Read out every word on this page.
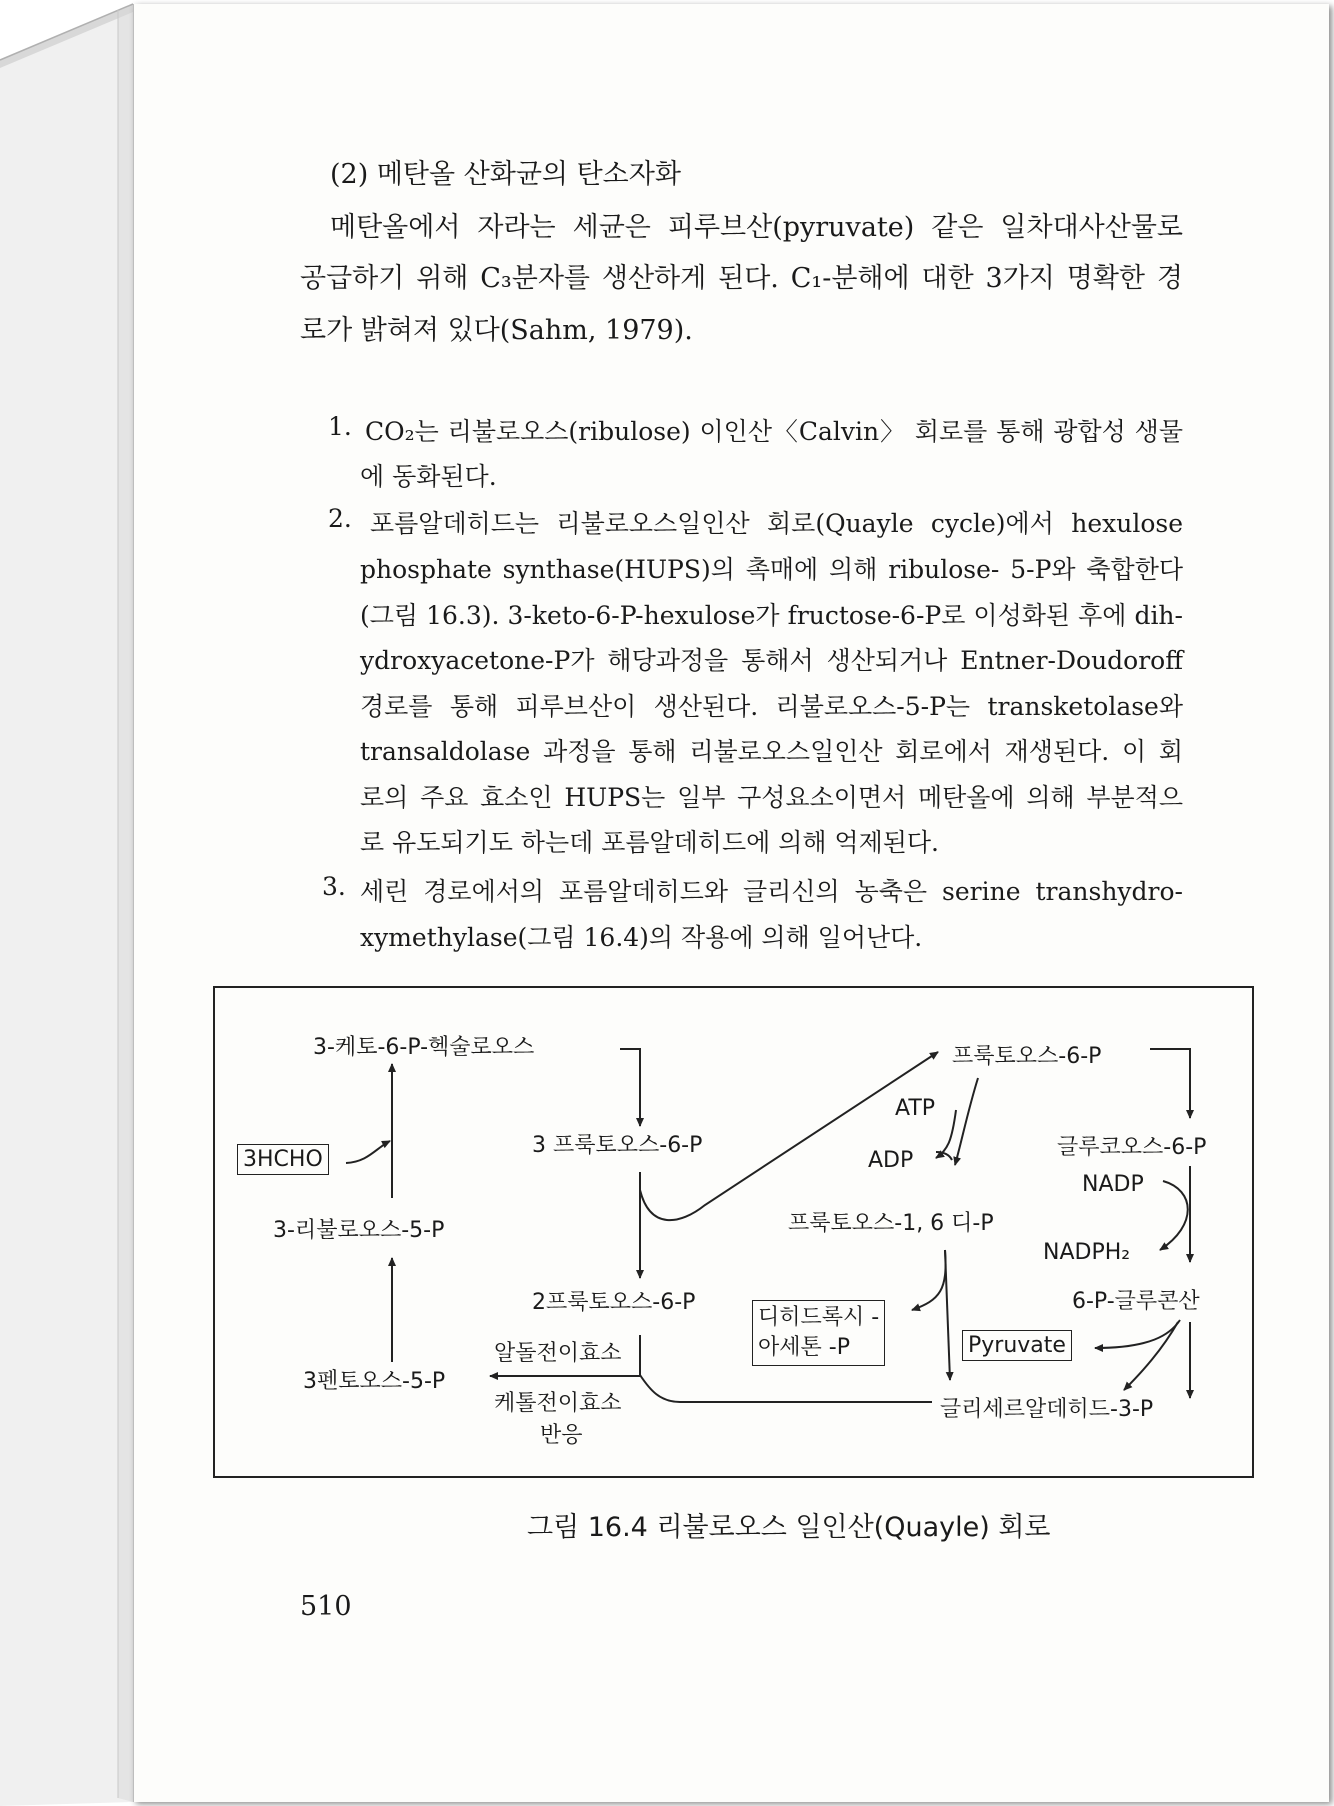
(2) 메탄올 산화균의 탄소자화
메탄올에서 자라는 세균은 피루브산(pyruvate) 같은 일차대사산물로
공급하기 위해 C₃분자를 생산하게 된다. C₁-분해에 대한 3가지 명확한 경
로가 밝혀져 있다(Sahm, 1979).
1. CO₂는 리불로오스(ribulose) 이인산〈Calvin〉 회로를 통해 광합성 생물
에 동화된다.
2. 포름알데히드는 리불로오스일인산 회로(Quayle cycle)에서 hexulose
phosphate synthase(HUPS)의 촉매에 의해 ribulose- 5-P와 축합한다
(그림 16.3). 3-keto-6-P-hexulose가 fructose-6-P로 이성화된 후에 dih-
ydroxyacetone-P가 해당과정을 통해서 생산되거나 Entner-Doudoroff
경로를 통해 피루브산이 생산된다. 리불로오스-5-P는 transketolase와
transaldolase 과정을 통해 리불로오스일인산 회로에서 재생된다. 이 회
로의 주요 효소인 HUPS는 일부 구성요소이면서 메탄올에 의해 부분적으
로 유도되기도 하는데 포름알데히드에 의해 억제된다.
3. 세린 경로에서의 포름알데히드와 글리신의 농축은 serine transhydro-
xymethylase(그림 16.4)의 작용에 의해 일어난다.
3-케토-6-P-헥술로오스
3HCHO
3-리불로오스-5-P
3펜토오스-5-P
3 프룩토오스-6-P
2프룩토오스-6-P
알돌전이효소
케톨전이효소
반응
프룩토오스-6-P
ATP
ADP
프룩토오스-1, 6 디-P
디히드록시 -
아세톤 -P
글루코오스-6-P
NADP
NADPH₂
6-P-글루콘산
Pyruvate
글리세르알데히드-3-P
그림 16.4 리불로오스 일인산(Quayle) 회로
510
